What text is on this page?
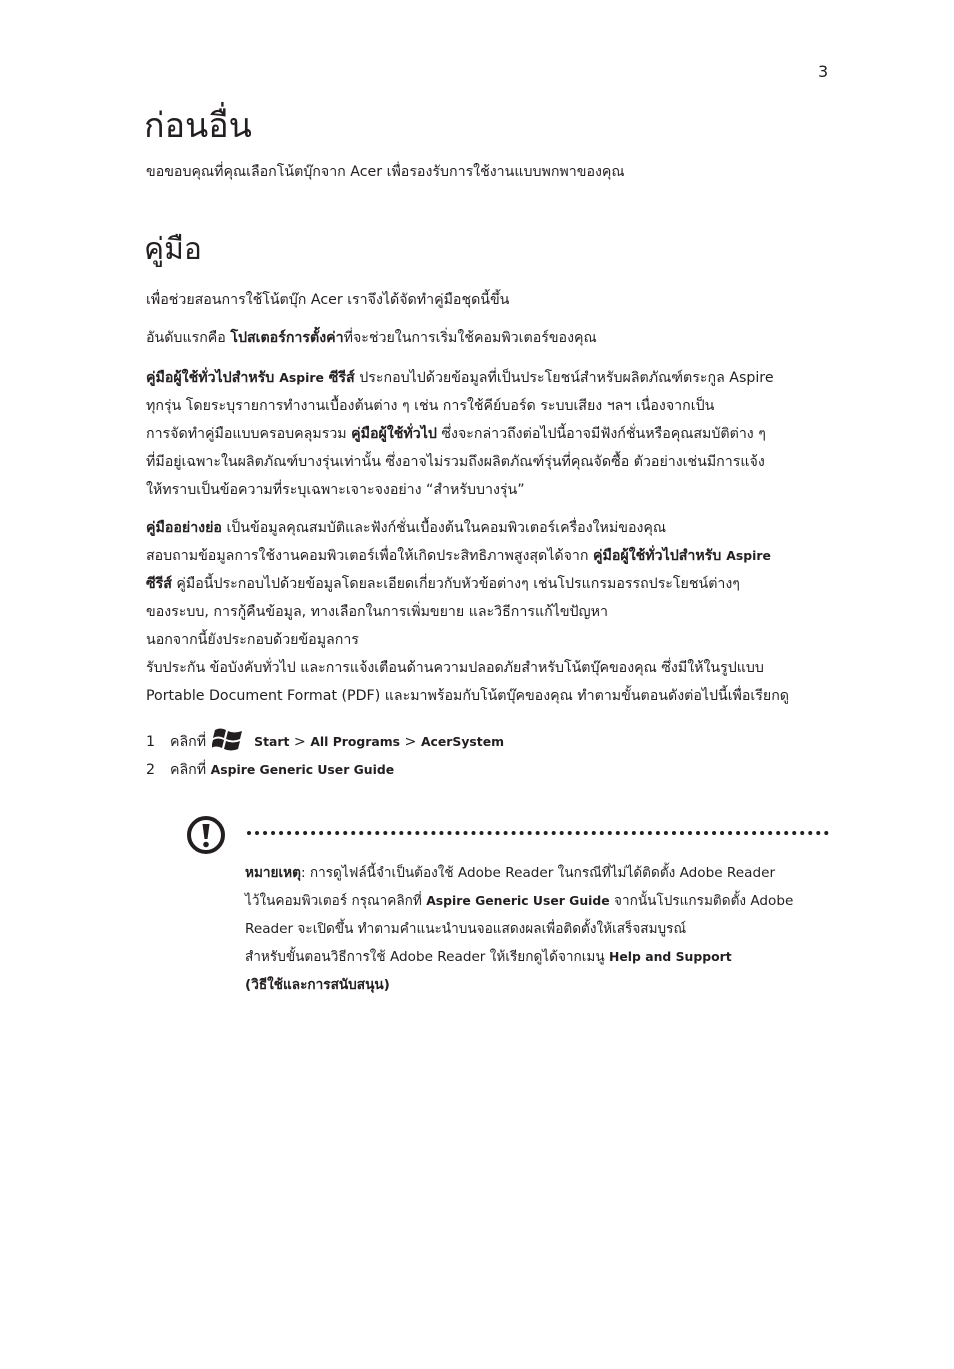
3
ก่อนอื่น
ขอขอบคุณที่คุณเลือกโน้ตบุ๊กจาก Acer เพื่อรองรับการใช้งานแบบพกพาของคุณ
คู่มือ
เพื่อช่วยสอนการใช้โน้ตบุ๊ก Acer เราจึงได้จัดทำคู่มือชุดนี้ขึ้น
อันดับแรกคือ โปสเตอร์การตั้งค่าที่จะช่วยในการเริ่มใช้คอมพิวเตอร์ของคุณ
คู่มือผู้ใช้ทั่วไปสำหรับ Aspire ซีรีส์ ประกอบไปด้วยข้อมูลที่เป็นประโยชน์สำหรับผลิตภัณฑ์ตระกูล Aspire
ทุกรุ่น โดยระบุรายการทำงานเบื้องต้นต่าง ๆ เช่น การใช้คีย์บอร์ด ระบบเสียง ฯลฯ เนื่องจากเป็น
การจัดทำคู่มือแบบครอบคลุมรวม คู่มือผู้ใช้ทั่วไป ซึ่งจะกล่าวถึงต่อไปนี้อาจมีฟังก์ชั่นหรือคุณสมบัติต่าง ๆ
ที่มีอยู่เฉพาะในผลิตภัณฑ์บางรุ่นเท่านั้น ซึ่งอาจไม่รวมถึงผลิตภัณฑ์รุ่นที่คุณจัดซื้อ ตัวอย่างเช่นมีการแจ้ง
ให้ทราบเป็นข้อความที่ระบุเฉพาะเจาะจงอย่าง “สำหรับบางรุ่น”
คู่มืออย่างย่อ เป็นข้อมูลคุณสมบัติและฟังก์ชั่นเบื้องต้นในคอมพิวเตอร์เครื่องใหม่ของคุณ
สอบถามข้อมูลการใช้งานคอมพิวเตอร์เพื่อให้เกิดประสิทธิภาพสูงสุดได้จาก คู่มือผู้ใช้ทั่วไปสำหรับ Aspire
ซีรีส์ คู่มือนี้ประกอบไปด้วยข้อมูลโดยละเอียดเกี่ยวกับหัวข้อต่างๆ เช่นโปรแกรมอรรถประโยชน์ต่างๆ
ของระบบ, การกู้คืนข้อมูล, ทางเลือกในการเพิ่มขยาย และวิธีการแก้ไขปัญหา
นอกจากนี้ยังประกอบด้วยข้อมูลการ
รับประกัน ข้อบังคับทั่วไป และการแจ้งเตือนด้านความปลอดภัยสำหรับโน้ตบุ๊คของคุณ ซึ่งมีให้ในรูปแบบ
Portable Document Format (PDF) และมาพร้อมกับโน้ตบุ๊คของคุณ ทำตามขั้นตอนดังต่อไปนี้เพื่อเรียกดู
1 คลิกที่	Start > All Programs > AcerSystem
2 คลิกที่ Aspire Generic User Guide
หมายเหตุ: การดูไฟล์นี้จำเป็นต้องใช้ Adobe Reader ในกรณีที่ไม่ได้ติดตั้ง Adobe Reader
ไว้ในคอมพิวเตอร์ กรุณาคลิกที่ Aspire Generic User Guide จากนั้นโปรแกรมติดตั้ง Adobe
Reader จะเปิดขึ้น ทำตามคำแนะนำบนจอแสดงผลเพื่อติดตั้งให้เสร็จสมบูรณ์
สำหรับขั้นตอนวิธีการใช้ Adobe Reader ให้เรียกดูได้จากเมนู Help and Support
(วิธีใช้และการสนับสนุน)
